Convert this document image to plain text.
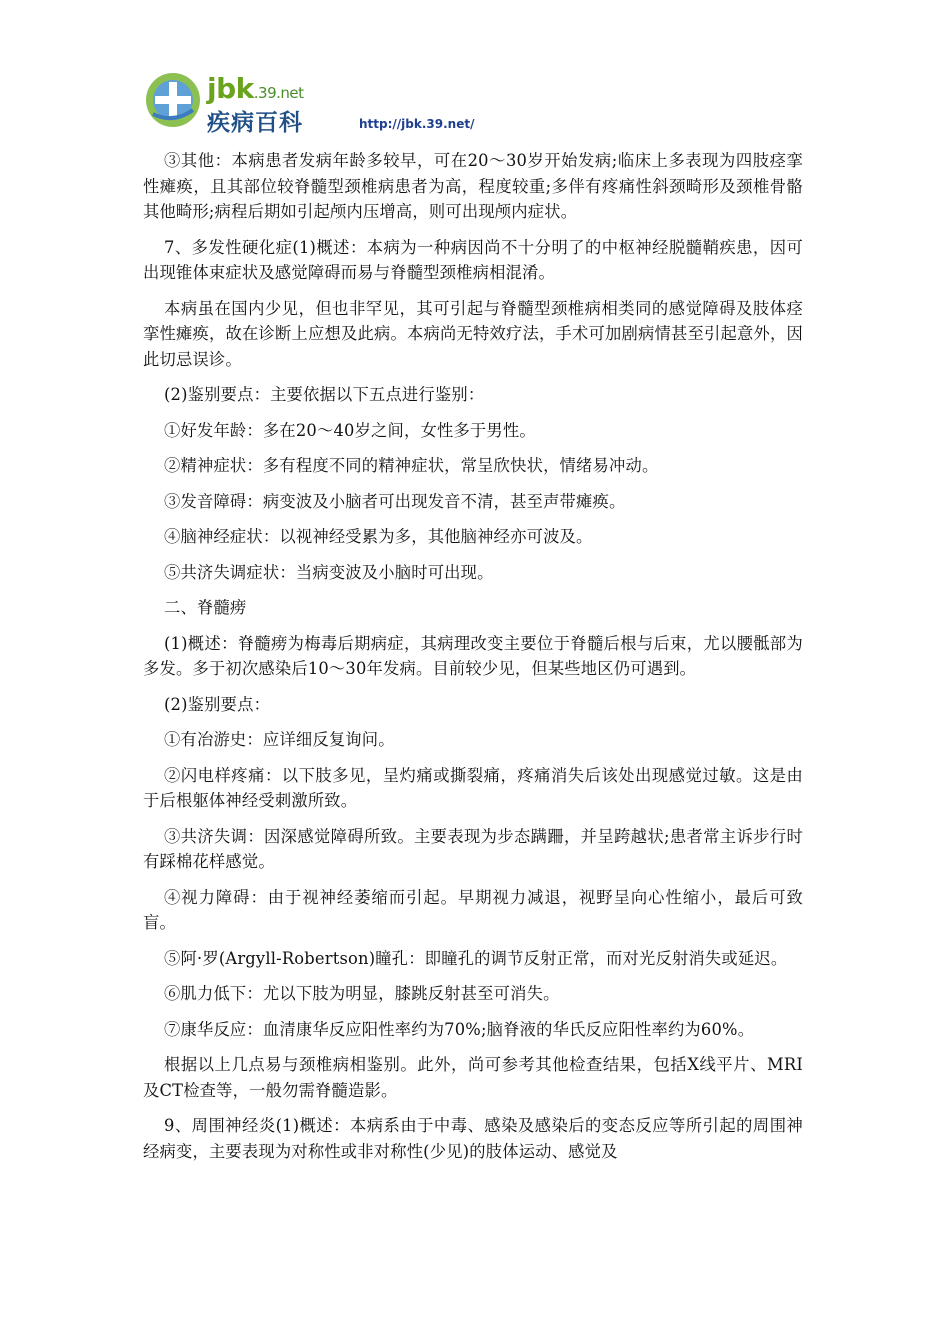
jbk.39.net
疾病百科	http://jbk.39.net/

③其他：本病患者发病年龄多较早，可在20～30岁开始发病;临床上多表现为四肢痉挛性瘫痪，且其部位较脊髓型颈椎病患者为高，程度较重;多伴有疼痛性斜颈畸形及颈椎骨骼其他畸形;病程后期如引起颅内压增高，则可出现颅内症状。

7、多发性硬化症(1)概述：本病为一种病因尚不十分明了的中枢神经脱髓鞘疾患，因可出现锥体束症状及感觉障碍而易与脊髓型颈椎病相混淆。

本病虽在国内少见，但也非罕见，其可引起与脊髓型颈椎病相类同的感觉障碍及肢体痉挛性瘫痪，故在诊断上应想及此病。本病尚无特效疗法，手术可加剧病情甚至引起意外，因此切忌误诊。

(2)鉴别要点：主要依据以下五点进行鉴别：

①好发年龄：多在20～40岁之间，女性多于男性。

②精神症状：多有程度不同的精神症状，常呈欣快状，情绪易冲动。

③发音障碍：病变波及小脑者可出现发音不清，甚至声带瘫痪。

④脑神经症状：以视神经受累为多，其他脑神经亦可波及。

⑤共济失调症状：当病变波及小脑时可出现。

二、脊髓痨

(1)概述：脊髓痨为梅毒后期病症，其病理改变主要位于脊髓后根与后束，尤以腰骶部为多发。多于初次感染后10～30年发病。目前较少见，但某些地区仍可遇到。

(2)鉴别要点：

①有冶游史：应详细反复询问。

②闪电样疼痛：以下肢多见，呈灼痛或撕裂痛，疼痛消失后该处出现感觉过敏。这是由于后根躯体神经受刺激所致。

③共济失调：因深感觉障碍所致。主要表现为步态蹒跚，并呈跨越状;患者常主诉步行时有踩棉花样感觉。

④视力障碍：由于视神经萎缩而引起。早期视力减退，视野呈向心性缩小，最后可致盲。

⑤阿·罗(Argyll-Robertson)瞳孔：即瞳孔的调节反射正常，而对光反射消失或延迟。

⑥肌力低下：尤以下肢为明显，膝跳反射甚至可消失。

⑦康华反应：血清康华反应阳性率约为70%;脑脊液的华氏反应阳性率约为60%。

根据以上几点易与颈椎病相鉴别。此外，尚可参考其他检查结果，包括X线平片、MRI及CT检查等，一般勿需脊髓造影。

9、周围神经炎(1)概述：本病系由于中毒、感染及感染后的变态反应等所引起的周围神经病变，主要表现为对称性或非对称性(少见)的肢体运动、感觉及
